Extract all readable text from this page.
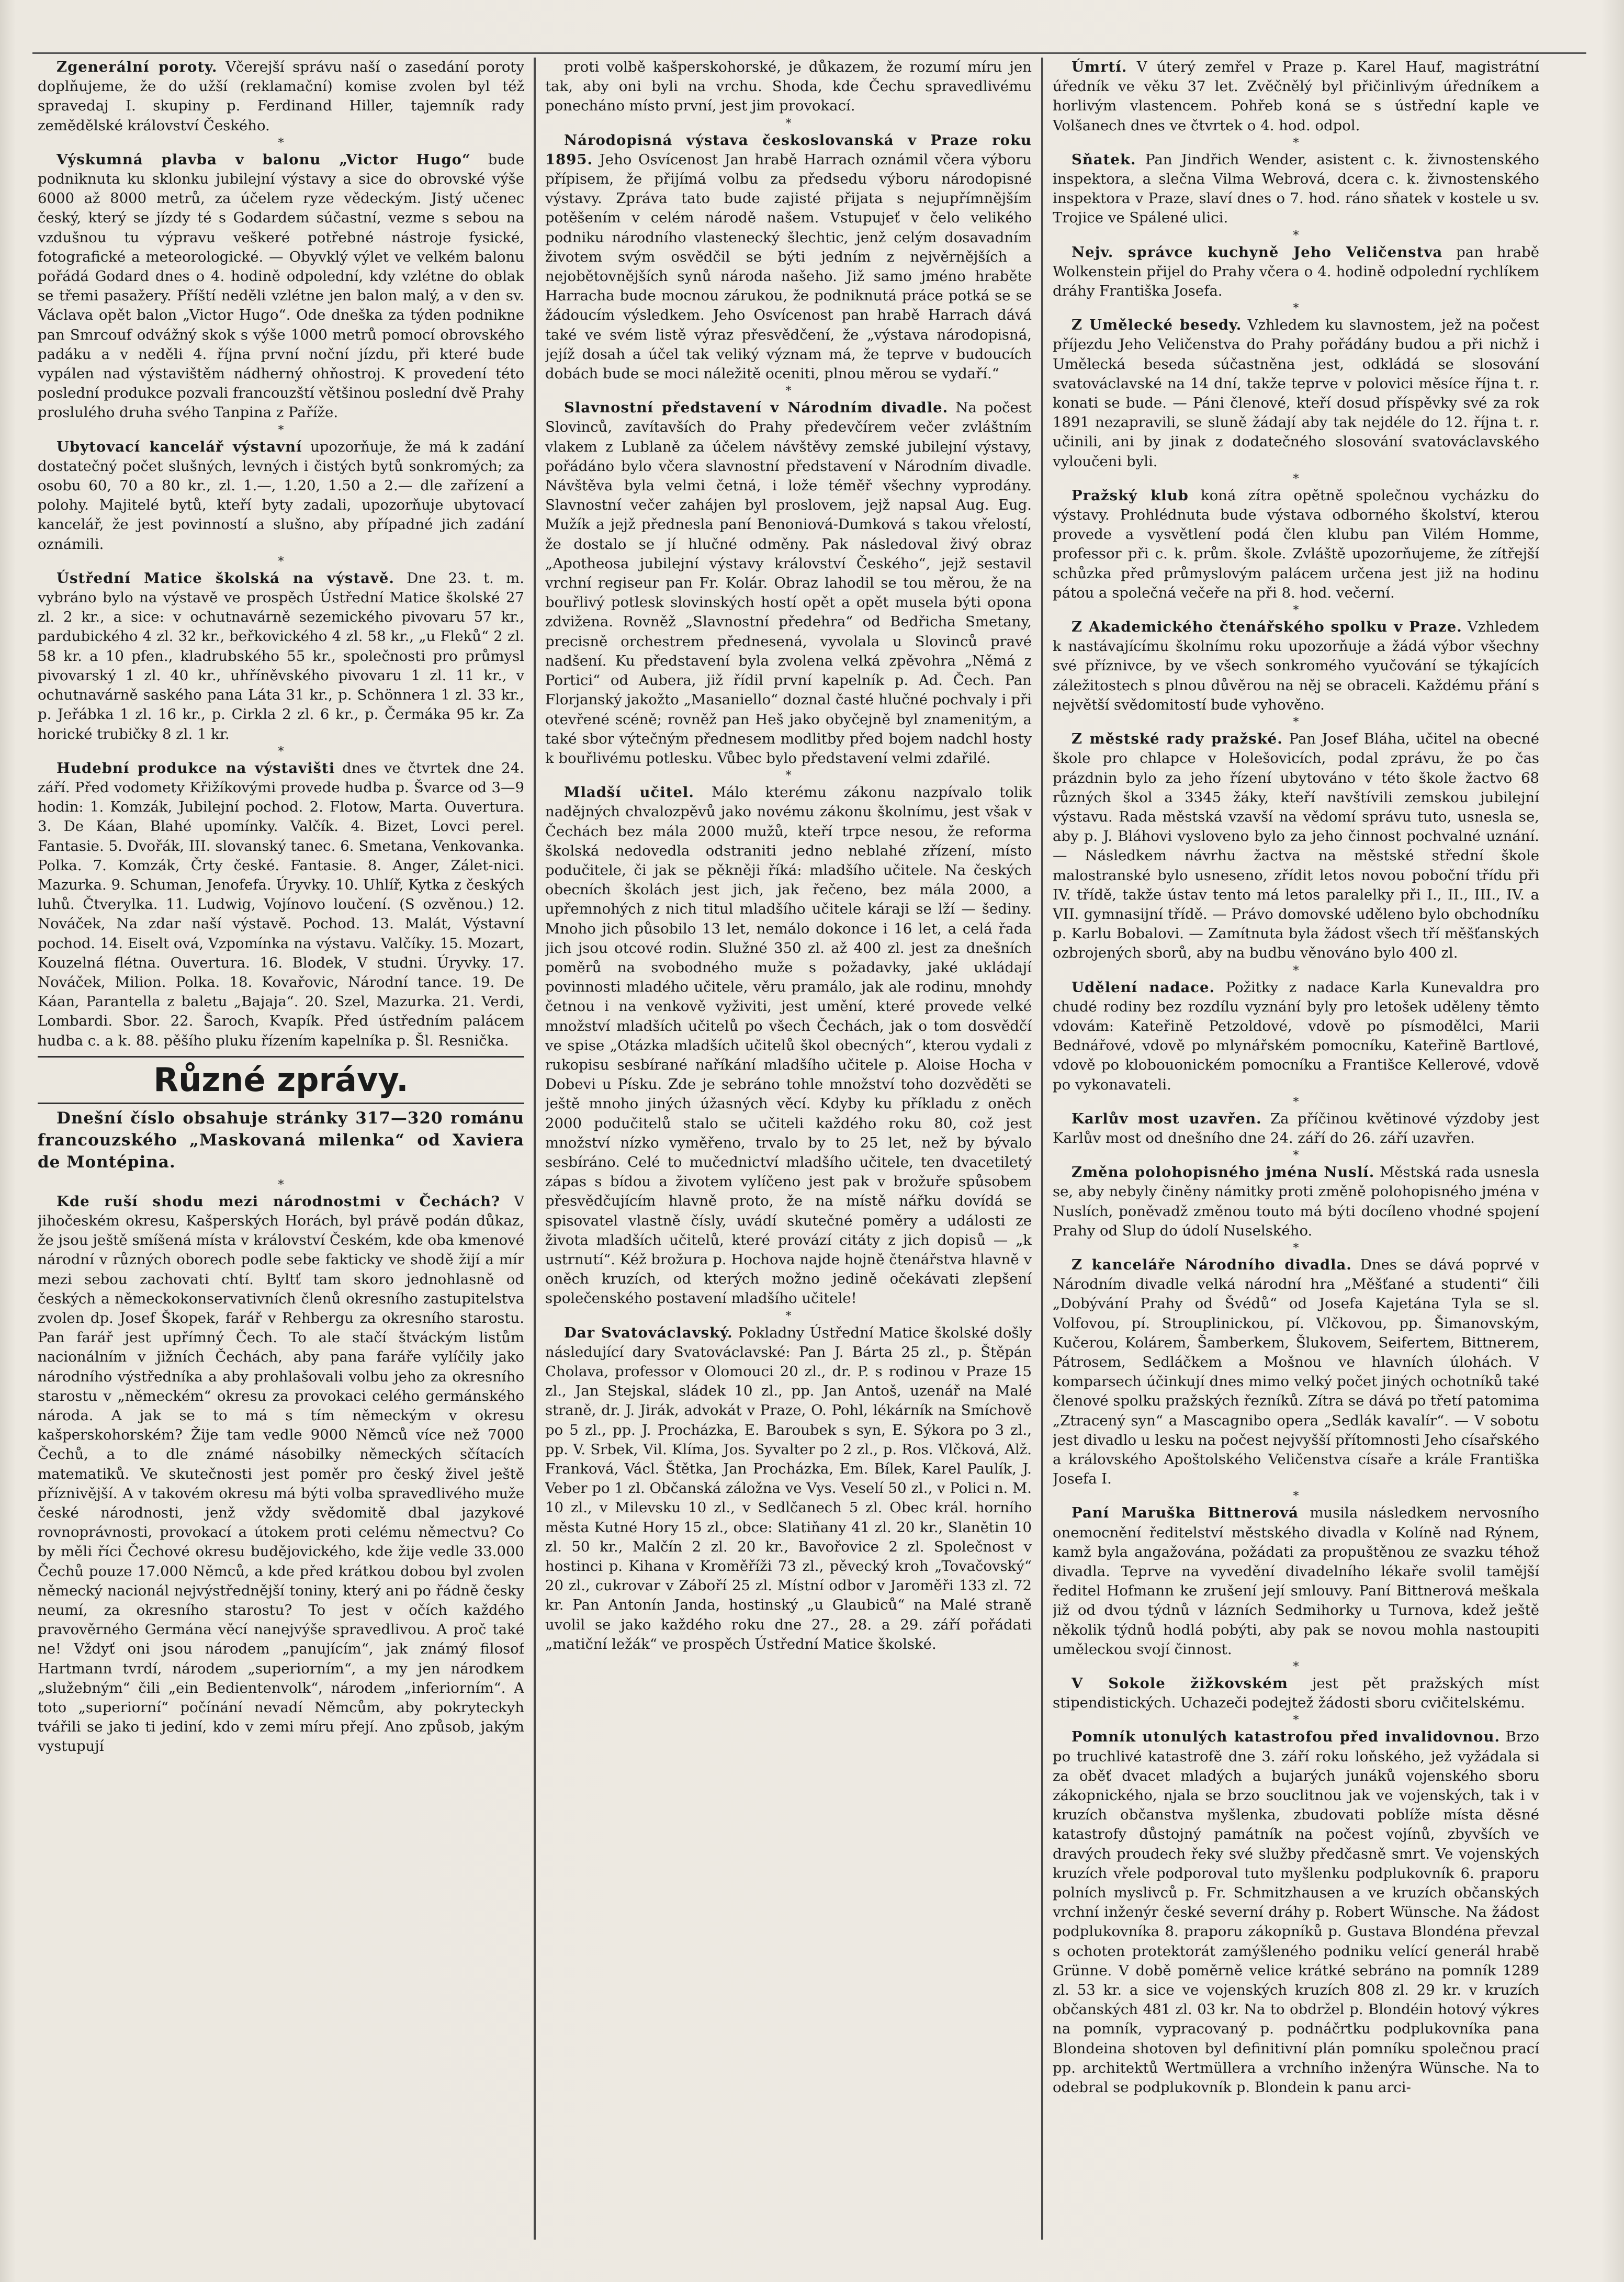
Zgenerální poroty. Včerejší správu naší o zasedání poroty doplňujeme, že do užší (reklamační) komise zvolen byl též spravedaj I. skupiny p. Ferdinand Hiller, tajemník rady zemědělské království Českého.

*

Výskumná plavba v balonu „Victor Hugo“ bude podniknuta ku sklonku jubilejní výstavy a sice do obrovské výše 6000 až 8000 metrů, za účelem ryze vědeckým. Jistý učenec český, který se jízdy té s Godardem súčastní, vezme s sebou na vzdušnou tu výpravu veškeré potřebné nástroje fysické, fotografické a meteorologické. — Obyvklý výlet ve velkém balonu pořádá Godard dnes o 4. hodině odpolední, kdy vzlétne do oblak se třemi pasažery. Příští neděli vzlétne jen balon malý, a v den sv. Václava opět balon „Victor Hugo“. Ode dneška za týden podnikne pan Smrcouf odvážný skok s výše 1000 metrů pomocí obrovského padáku a v neděli 4. října první noční jízdu, při které bude vypálen nad výstavištěm nádherný ohňostroj. K provedení této poslední produkce pozvali francouzští většinou poslední dvě Prahy proslulého druha svého Tanpina z Paříže.

*

Ubytovací kancelář výstavní upozorňuje, že má k zadání dostatečný počet slušných, levných i čistých bytů sonkromých; za osobu 60, 70 a 80 kr., zl. 1.—, 1.20, 1.50 a 2.— dle zařízení a polohy. Majitelé bytů, kteří byty zadali, upozorňuje ubytovací kancelář, že jest povinností a slušno, aby případné jich zadání oznámili.

*

Ústřední Matice školská na výstavě. Dne 23. t. m. vybráno bylo na výstavě ve prospěch Ústřední Matice školské 27 zl. 2 kr., a sice: v ochutnavárně sezemického pivovaru 57 kr., pardubického 4 zl. 32 kr., beřkovického 4 zl. 58 kr., „u Fleků“ 2 zl. 58 kr. a 10 pfen., kladrubského 55 kr., společnosti pro průmysl pivovarský 1 zl. 40 kr., uhříněvského pivovaru 1 zl. 11 kr., v ochutnavárně saského pana Láta 31 kr., p. Schönnera 1 zl. 33 kr., p. Jeřábka 1 zl. 16 kr., p. Cirkla 2 zl. 6 kr., p. Čermáka 95 kr. Za horické trubičky 8 zl. 1 kr.

*

Hudební produkce na výstavišti dnes ve čtvrtek dne 24. září. Před vodomety Křižíkovými provede hudba p. Švarce od 3—9 hodin: 1. Komzák, Jubilejní pochod. 2. Flotow, Marta. Ouvertura. 3. De Káan, Blahé upomínky. Valčík. 4. Bizet, Lovci perel. Fantasie. 5. Dvořák, III. slovanský tanec. 6. Smetana, Venkovanka. Polka. 7. Komzák, Črty české. Fantasie. 8. Anger, Zálet-nici. Mazurka. 9. Schuman, Jenofefa. Úryvky. 10. Uhlíř, Kytka z českých luhů. Čtverylka. 11. Ludwig, Vojínovo loučení. (S ozvěnou.) 12. Nováček, Na zdar naší výstavě. Pochod. 13. Malát, Výstavní pochod. 14. Eiselt ová, Vzpomínka na výstavu. Valčíky. 15. Mozart, Kouzelná flétna. Ouvertura. 16. Blodek, V studni. Úryvky. 17. Nováček, Milion. Polka. 18. Kovařovic, Národní tance. 19. De Káan, Parantella z baletu „Bajaja“. 20. Szel, Mazurka. 21. Verdi, Lombardi. Sbor. 22. Šaroch, Kvapík. Před ústředním palácem hudba c. a k. 88. pěšího pluku řízením kapelníka p. Šl. Resnička.

Různé zprávy.

Dnešní číslo obsahuje stránky 317—320 románu francouzského „Maskovaná milenka“ od Xaviera de Montépina.

*

Kde ruší shodu mezi národnostmi v Čechách? V jihočeském okresu, Kašperských Horách, byl právě podán důkaz, že jsou ještě smíšená místa v království Českém, kde oba kmenové národní v různých oborech podle sebe fakticky ve shodě žijí a mír mezi sebou zachovati chtí. Byltť tam skoro jednohlasně od českých a německokonservativních členů okresního zastupitelstva zvolen dp. Josef Škopek, farář v Rehbergu za okresního starostu. Pan farář jest upřímný Čech. To ale stačí štváckým listům nacionálním v jižních Čechách, aby pana faráře vylíčily jako národního výstředníka a aby prohlašovali volbu jeho za okresního starostu v „německém“ okresu za provokaci celého germánského národa. A jak se to má s tím německým v okresu kašperskohorském? Žije tam vedle 9000 Němců více než 7000 Čechů, a to dle známé násobilky německých sčítacích matematiků. Ve skutečnosti jest poměr pro český živel ještě příznivější. A v takovém okresu má býti volba spravedlivého muže české národnosti, jenž vždy svědomitě dbal jazykové rovnoprávnosti, provokací a útokem proti celému němectvu? Co by měli říci Čechové okresu budějovického, kde žije vedle 33.000 Čechů pouze 17.000 Němců, a kde před krátkou dobou byl zvolen německý nacionál nejvýstřednější toniny, který ani po řádně česky neumí, za okresního starostu? To jest v očích každého pravověrného Germána věcí nanejvýše spravedlivou. A proč také ne! Vždyť oni jsou národem „panujícím“, jak známý filosof Hartmann tvrdí, národem „superiorním“, a my jen národkem „služebným“ čili „ein Bedientenvolk“, národem „inferiorním“. A toto „superiorní“ počínání nevadí Němcům, aby pokryteckyh tvářili se jako ti jediní, kdo v zemi míru přejí. Ano způsob, jakým vystupují

proti volbě kašperskohorské, je důkazem, že rozumí míru jen tak, aby oni byli na vrchu. Shoda, kde Čechu spravedlivému ponecháno místo první, jest jim provokací.

*

Národopisná výstava českoslovanská v Praze roku 1895. Jeho Osvícenost Jan hrabě Harrach oznámil včera výboru přípisem, že přijímá volbu za předsedu výboru národopisné výstavy. Zpráva tato bude zajisté přijata s nejupřímnějším potěšením v celém národě našem. Vstupujeť v čelo velikého podniku národního vlastenecký šlechtic, jenž celým dosavadním životem svým osvědčil se býti jedním z nejvěrnějších a nejobětovnějších synů národa našeho. Již samo jméno hraběte Harracha bude mocnou zárukou, že podniknutá práce potká se se žádoucím výsledkem. Jeho Osvícenost pan hrabě Harrach dává také ve svém listě výraz přesvědčení, že „výstava národopisná, jejíž dosah a účel tak veliký význam má, že teprve v budoucích dobách bude se moci náležitě oceniti, plnou měrou se vydaří.“

*

Slavnostní představení v Národním divadle. Na počest Slovinců, zavítavších do Prahy předevčírem večer zvláštním vlakem z Lublaně za účelem návštěvy zemské jubilejní výstavy, pořádáno bylo včera slavnostní představení v Národním divadle. Návštěva byla velmi četná, i lože téměř všechny vyprodány. Slavnostní večer zahájen byl proslovem, jejž napsal Aug. Eug. Mužík a jejž přednesla paní Benoniová-Dumková s takou vřelostí, že dostalo se jí hlučné odměny. Pak následoval živý obraz „Apotheosa jubilejní výstavy království Českého“, jejž sestavil vrchní regiseur pan Fr. Kolár. Obraz lahodil se tou měrou, že na bouřlivý potlesk slovinských hostí opět a opět musela býti opona zdvižena. Rovněž „Slavnostní předehra“ od Bedřicha Smetany, precisně orchestrem přednesená, vyvolala u Slovinců pravé nadšení. Ku představení byla zvolena velká zpěvohra „Němá z Portici“ od Aubera, již řídil první kapelník p. Ad. Čech. Pan Florjanský jakožto „Masaniello“ doznal časté hlučné pochvaly i při otevřené scéně; rovněž pan Heš jako obyčejně byl znamenitým, a také sbor výtečným přednesem modlitby před bojem nadchl hosty k bouřlivému potlesku. Vůbec bylo představení velmi zdařilé.

*

Mladší učitel. Málo kterému zákonu nazpívalo tolik nadějných chvalozpěvů jako novému zákonu školnímu, jest však v Čechách bez mála 2000 mužů, kteří trpce nesou, že reforma školská nedovedla odstraniti jedno neblahé zřízení, místo podučitele, či jak se pěkněji říká: mladšího učitele. Na českých obecních školách jest jich, jak řečeno, bez mála 2000, a upřemnohých z nich titul mladšího učitele káraji se lží — šediny. Mnoho jich působilo 13 let, nemálo dokonce i 16 let, a celá řada jich jsou otcové rodin. Služné 350 zl. až 400 zl. jest za dnešních poměrů na svobodného muže s požadavky, jaké ukládají povinnosti mladého učitele, věru pramálo, jak ale rodinu, mnohdy četnou i na venkově vyživiti, jest umění, které provede velké množství mladších učitelů po všech Čechách, jak o tom dosvědčí ve spise „Otázka mladších učitelů škol obecných“, kterou vydali z rukopisu sesbírané naříkání mladšího učitele p. Aloise Hocha v Dobevi u Písku. Zde je sebráno tohle množství toho dozvěděti se ještě mnoho jiných úžasných věcí. Kdyby ku příkladu z oněch 2000 podučitelů stalo se učiteli každého roku 80, což jest množství nízko vyměřeno, trvalo by to 25 let, než by bývalo sesbíráno. Celé to mučednictví mladšího učitele, ten dvacetiletý zápas s bídou a životem vylíčeno jest pak v brožuře spůsobem přesvědčujícím hlavně proto, že na místě nářku dovídá se spisovatel vlastně čísly, uvádí skutečné poměry a události ze života mladších učitelů, které provází citáty z jich dopisů — „k ustrnutí“. Kéž brožura p. Hochova najde hojně čtenářstva hlavně v oněch kruzích, od kterých možno jedině očekávati zlepšení společenského postavení mladšího učitele!

*

Dar Svatováclavský. Pokladny Ústřední Matice školské došly následující dary Svatováclavské: Pan J. Bárta 25 zl., p. Štěpán Cholava, professor v Olomouci 20 zl., dr. P. s rodinou v Praze 15 zl., Jan Stejskal, sládek 10 zl., pp. Jan Antoš, uzenář na Malé straně, dr. J. Jirák, advokát v Praze, O. Pohl, lékárník na Smíchově po 5 zl., pp. J. Procházka, E. Baroubek s syn, E. Sýkora po 3 zl., pp. V. Srbek, Vil. Klíma, Jos. Syvalter po 2 zl., p. Ros. Vlčková, Alž. Franková, Václ. Štětka, Jan Procházka, Em. Bílek, Karel Paulík, J. Veber po 1 zl. Občanská záložna ve Vys. Veselí 50 zl., v Polici n. M. 10 zl., v Milevsku 10 zl., v Sedlčanech 5 zl. Obec král. horního města Kutné Hory 15 zl., obce: Slatiňany 41 zl. 20 kr., Slanětin 10 zl. 50 kr., Malčín 2 zl. 20 kr., Bavořovice 2 zl. Společnost v hostinci p. Kihana v Kroměříži 73 zl., pěvecký kroh „Tovačovský“ 20 zl., cukrovar v Záboří 25 zl. Místní odbor v Jaroměři 133 zl. 72 kr. Pan Antonín Janda, hostinský „u Glaubiců“ na Malé straně uvolil se jako každého roku dne 27., 28. a 29. září pořádati „matiční ležák“ ve prospěch Ústřední Matice školské.

Úmrtí. V úterý zemřel v Praze p. Karel Hauf, magistrátní úředník ve věku 37 let. Zvěčnělý byl přičinlivým úředníkem a horlivým vlastencem. Pohřeb koná se s ústřední kaple ve Volšanech dnes ve čtvrtek o 4. hod. odpol.

*

Sňatek. Pan Jindřich Wender, asistent c. k. živnostenského inspektora, a slečna Vilma Webrová, dcera c. k. živnostenského inspektora v Praze, slaví dnes o 7. hod. ráno sňatek v kostele u sv. Trojice ve Spálené ulici.

*

Nejv. správce kuchyně Jeho Veličenstva pan hrabě Wolkenstein přijel do Prahy včera o 4. hodině odpolední rychlíkem dráhy Františka Josefa.

*

Z Umělecké besedy. Vzhledem ku slavnostem, jež na počest příjezdu Jeho Veličenstva do Prahy pořádány budou a při nichž i Umělecká beseda súčastněna jest, odkládá se slosování svatováclavské na 14 dní, takže teprve v polovici měsíce října t. r. konati se bude. — Páni členové, kteří dosud příspěvky své za rok 1891 nezapravili, se sluně žádají aby tak nejdéle do 12. října t. r. učinili, ani by jinak z dodatečného slosování svatováclavského vyloučeni byli.

*

Pražský klub koná zítra opětně společnou vycházku do výstavy. Prohlédnuta bude výstava odborného školství, kterou provede a vysvětlení podá člen klubu pan Vilém Homme, professor při c. k. prům. škole. Zvláště upozorňujeme, že zítřejší schůzka před průmyslovým palácem určena jest již na hodinu pátou a společná večeře na při 8. hod. večerní.

*

Z Akademického čtenářského spolku v Praze. Vzhledem k nastávajícímu školnímu roku upozorňuje a žádá výbor všechny své příznivce, by ve všech sonkromého vyučování se týkajících záležitostech s plnou důvěrou na něj se obraceli. Každému přání s největší svědomitostí bude vyhověno.

*

Z městské rady pražské. Pan Josef Bláha, učitel na obecné škole pro chlapce v Holešovicích, podal zprávu, že po čas prázdnin bylo za jeho řízení ubytováno v této škole žactvo 68 různých škol a 3345 žáky, kteří navštívili zemskou jubilejní výstavu. Rada městská vzavší na vědomí správu tuto, usnesla se, aby p. J. Bláhovi vysloveno bylo za jeho činnost pochvalné uznání. — Následkem návrhu žactva na městské střední škole malostranské bylo usneseno, zřídit letos novou poboční třídu při IV. třídě, takže ústav tento má letos paralelky při I., II., III., IV. a VII. gymnasijní třídě. — Právo domovské uděleno bylo obchodníku p. Karlu Bobalovi. — Zamítnuta byla žádost všech tří měšťanských ozbrojených sborů, aby na budbu věnováno bylo 400 zl.

*

Udělení nadace. Požitky z nadace Karla Kunevaldra pro chudé rodiny bez rozdílu vyznání byly pro letošek uděleny těmto vdovám: Kateřině Petzoldové, vdově po písmodělci, Marii Bednářové, vdově po mlynářském pomocníku, Kateřině Bartlové, vdově po klobouonickém pomocníku a Františce Kellerové, vdově po vykonavateli.

*

Karlův most uzavřen. Za příčinou květinové výzdoby jest Karlův most od dnešního dne 24. září do 26. září uzavřen.

*

Změna polohopisného jména Nuslí. Městská rada usnesla se, aby nebyly činěny námitky proti změně polohopisného jména v Nuslích, poněvadž změnou touto má býti docíleno vhodné spojení Prahy od Slup do údolí Nuselského.

*

Z kanceláře Národního divadla. Dnes se dává poprvé v Národním divadle velká národní hra „Měšťané a studenti“ čili „Dobývání Prahy od Švédů“ od Josefa Kajetána Tyla se sl. Volfovou, pí. Strouplinickou, pí. Vlčkovou, pp. Šimanovským, Kučerou, Kolárem, Šamberkem, Šlukovem, Seifertem, Bittnerem, Pátrosem, Sedláčkem a Mošnou ve hlavních úlohách. V komparsech účinkují dnes mimo velký počet jiných ochotníků také členové spolku pražských řezníků. Zítra se dává po třetí patomima „Ztracený syn“ a Mascagnibo opera „Sedlák kavalír“. — V sobotu jest divadlo u lesku na počest nejvyšší přítomnosti Jeho císařského a královského Apoštolského Veličenstva císaře a krále Františka Josefa I.

*

Paní Maruška Bittnerová musila následkem nervosního onemocnění ředitelství městského divadla v Kolíně nad Rýnem, kamž byla angažována, požádati za propuštěnou ze svazku téhož divadla. Teprve na vyvedění divadelního lékaře svolil tamější ředitel Hofmann ke zrušení její smlouvy. Paní Bittnerová meškala již od dvou týdnů v lázních Sedmihorky u Turnova, kdež ještě několik týdnů hodlá pobýti, aby pak se novou mohla nastoupiti uměleckou svojí činnost.

*

V Sokole žižkovském jest pět pražských míst stipendistických. Uchazeči podejtež žádosti sboru cvičitelskému.

*

Pomník utonulých katastrofou před invalidovnou. Brzo po truchlivé katastrofě dne 3. září roku loňského, jež vyžádala si za oběť dvacet mladých a bujarých junáků vojenského sboru zákopnického, njala se brzo souclitnou jak ve vojenských, tak i v kruzích občanstva myšlenka, zbudovati poblíže místa děsné katastrofy důstojný památník na počest vojínů, zbyvších ve dravých proudech řeky své služby předčasně smrt. Ve vojenských kruzích vřele podporoval tuto myšlenku podplukovník 6. praporu polních myslivců p. Fr. Schmitzhausen a ve kruzích občanských vrchní inženýr české severní dráhy p. Robert Wünsche. Na žádost podplukovníka 8. praporu zákopníků p. Gustava Blondéna převzal s ochoten protektorát zamýšleného podniku velící generál hrabě Grünne. V době poměrně velice krátké sebráno na pomník 1289 zl. 53 kr. a sice ve vojenských kruzích 808 zl. 29 kr. v kruzích občanských 481 zl. 03 kr. Na to obdržel p. Blondéin hotový výkres na pomník, vypracovaný p. podnáčrtku podplukovníka pana Blondeina shotoven byl definitivní plán pomníku společnou prací pp. architektů Wertmüllera a vrchního inženýra Wünsche. Na to odebral se podplukovník p. Blondein k panu arci-
